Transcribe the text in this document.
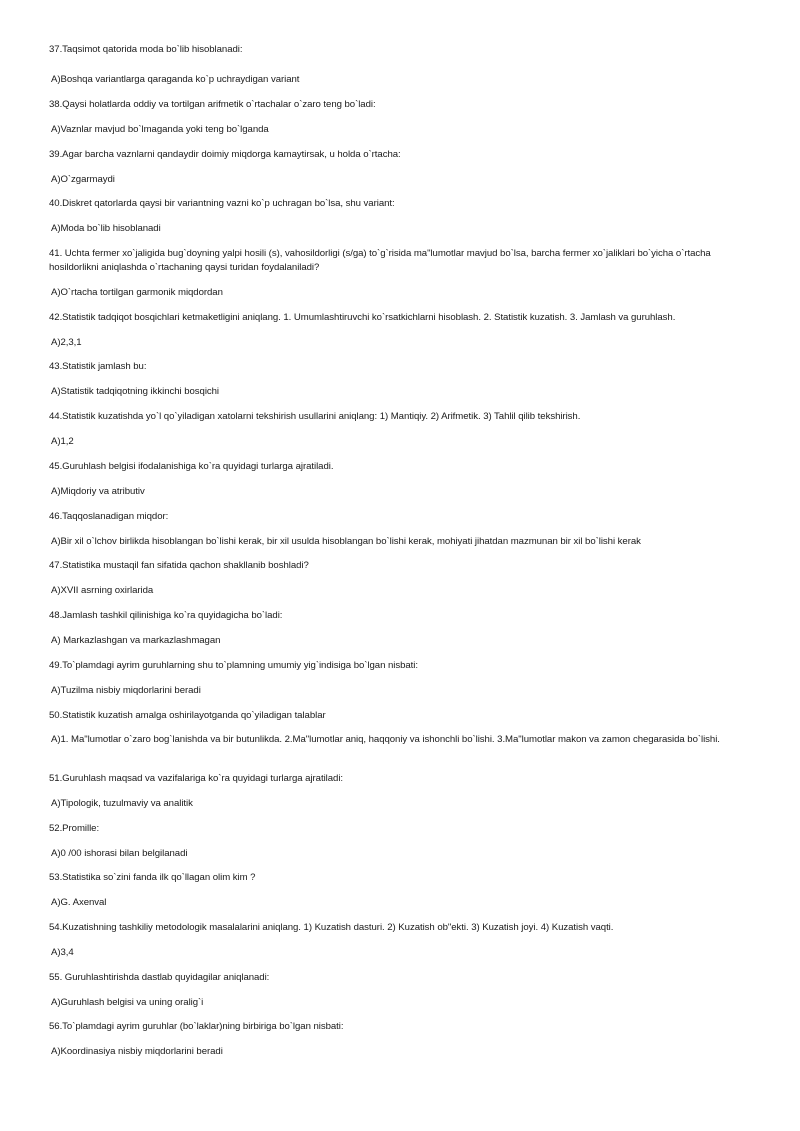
37.Taqsimot qatorida moda bo`lib hisoblanadi:
A)Boshqa variantlarga qaraganda ko`p uchraydigan variant
38.Qaysi holatlarda oddiy va tortilgan arifmetik o`rtachalar o`zaro teng bo`ladi:
A)Vaznlar mavjud bo`lmaganda yoki teng bo`lganda
39.Agar barcha vaznlarni qandaydir doimiy miqdorga kamaytirsak, u holda o`rtacha:
A)O`zgarmaydi
40.Diskret qatorlarda qaysi bir variantning vazni ko`p uchragan bo`lsa, shu variant:
A)Moda bo`lib hisoblanadi
41. Uchta fermer xo`jaligida bug`doyning yalpi hosili (s), vahosildorligi (s/ga) to`g`risida ma"lumotlar mavjud bo`lsa, barcha fermer xo`jaliklari bo`yicha o`rtacha hosildorlikni aniqlashda o`rtachaning qaysi turidan foydalaniladi?
A)O`rtacha tortilgan garmonik miqdordan
42.Statistik tadqiqot bosqichlari ketmaketligini aniqlang. 1. Umumlashtiruvchi ko`rsatkichlarni hisoblash. 2. Statistik kuzatish. 3. Jamlash va guruhlash.
A)2,3,1
43.Statistik jamlash bu:
A)Statistik tadqiqotning ikkinchi bosqichi
44.Statistik kuzatishda yo`l qo`yiladigan xatolarni tekshirish usullarini aniqlang: 1) Mantiqiy. 2) Arifmetik. 3) Tahlil qilib tekshirish.
A)1,2
45.Guruhlash belgisi ifodalanishiga ko`ra quyidagi turlarga ajratiladi.
A)Miqdoriy va atributiv
46.Taqqoslanadigan miqdor:
A)Bir xil o`lchov birlikda hisoblangan bo`lishi kerak, bir xil usulda hisoblangan bo`lishi kerak, mohiyati jihatdan mazmunan bir xil bo`lishi kerak
47.Statistika mustaqil fan sifatida qachon shakllanib boshladi?
A)XVII asrning oxirlarida
48.Jamlash tashkil qilinishiga ko`ra quyidagicha bo`ladi:
A) Markazlashgan va markazlashmagan
49.To`plamdagi ayrim guruhlarning shu to`plamning umumiy yig`indisiga bo`lgan nisbati:
A)Tuzilma nisbiy miqdorlarini beradi
50.Statistik kuzatish amalga oshirilayotganda qo`yiladigan talablar
A)1. Ma"lumotlar o`zaro bog`lanishda va bir butunlikda. 2.Ma"lumotlar aniq, haqqoniy va ishonchli bo`lishi. 3.Ma"lumotlar makon va zamon chegarasida bo`lishi.
51.Guruhlash maqsad va vazifalariga ko`ra quyidagi turlarga ajratiladi:
A)Tipologik, tuzulmaviy va analitik
52.Promille:
A)0 /00 ishorasi bilan belgilanadi
53.Statistika so`zini fanda ilk qo`llagan olim kim ?
A)G. Axenval
54.Kuzatishning tashkiliy metodologik masalalarini aniqlang. 1) Kuzatish dasturi. 2) Kuzatish ob"ekti. 3) Kuzatish joyi. 4) Kuzatish vaqti.
A)3,4
55. Guruhlashtirishda dastlab quyidagilar aniqlanadi:
A)Guruhlash belgisi va uning oralig`i
56.To`plamdagi ayrim guruhlar (bo`laklar)ning birbiriga bo`lgan nisbati:
A)Koordinasiya nisbiy miqdorlarini beradi
